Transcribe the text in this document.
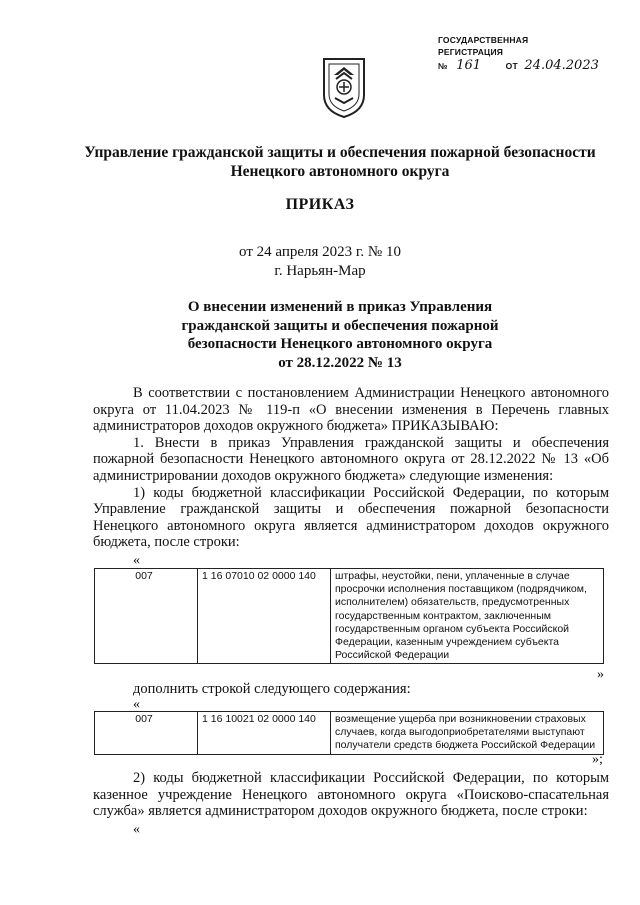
ГОСУДАРСТВЕННАЯ
РЕГИСТРАЦИЯ
№ 161	ОТ 24.04.2023
Управление гражданской защиты и обеспечения пожарной безопасности
Ненецкого автономного округа
ПРИКАЗ
от 24 апреля 2023 г. № 10
г. Нарьян-Мар
О внесении изменений в приказ Управления
гражданской защиты и обеспечения пожарной
безопасности Ненецкого автономного округа
от 28.12.2022 № 13
В соответствии с постановлением Администрации Ненецкого автономного округа от 11.04.2023 № 119-п «О внесении изменения в Перечень главных администраторов доходов окружного бюджета» ПРИКАЗЫВАЮ:
1. Внести в приказ Управления гражданской защиты и обеспечения пожарной безопасности Ненецкого автономного округа от 28.12.2022 № 13 «Об администрировании доходов окружного бюджета» следующие изменения:
1) коды бюджетной классификации Российской Федерации, по которым Управление гражданской защиты и обеспечения пожарной безопасности Ненецкого автономного округа является администратором доходов окружного бюджета, после строки:
«
007	1 16 07010 02 0000 140	штрафы, неустойки, пени, уплаченные в случае просрочки исполнения поставщиком (подрядчиком, исполнителем) обязательств, предусмотренных государственным контрактом, заключенным государственным органом субъекта Российской Федерации, казенным учреждением субъекта Российской Федерации
»
дополнить строкой следующего содержания:
«
007	1 16 10021 02 0000 140	возмещение ущерба при возникновении страховых случаев, когда выгодоприобретателями выступают получатели средств бюджета Российской Федерации
»;
2) коды бюджетной классификации Российской Федерации, по которым казенное учреждение Ненецкого автономного округа «Поисково-спасательная служба» является администратором доходов окружного бюджета, после строки:
«
